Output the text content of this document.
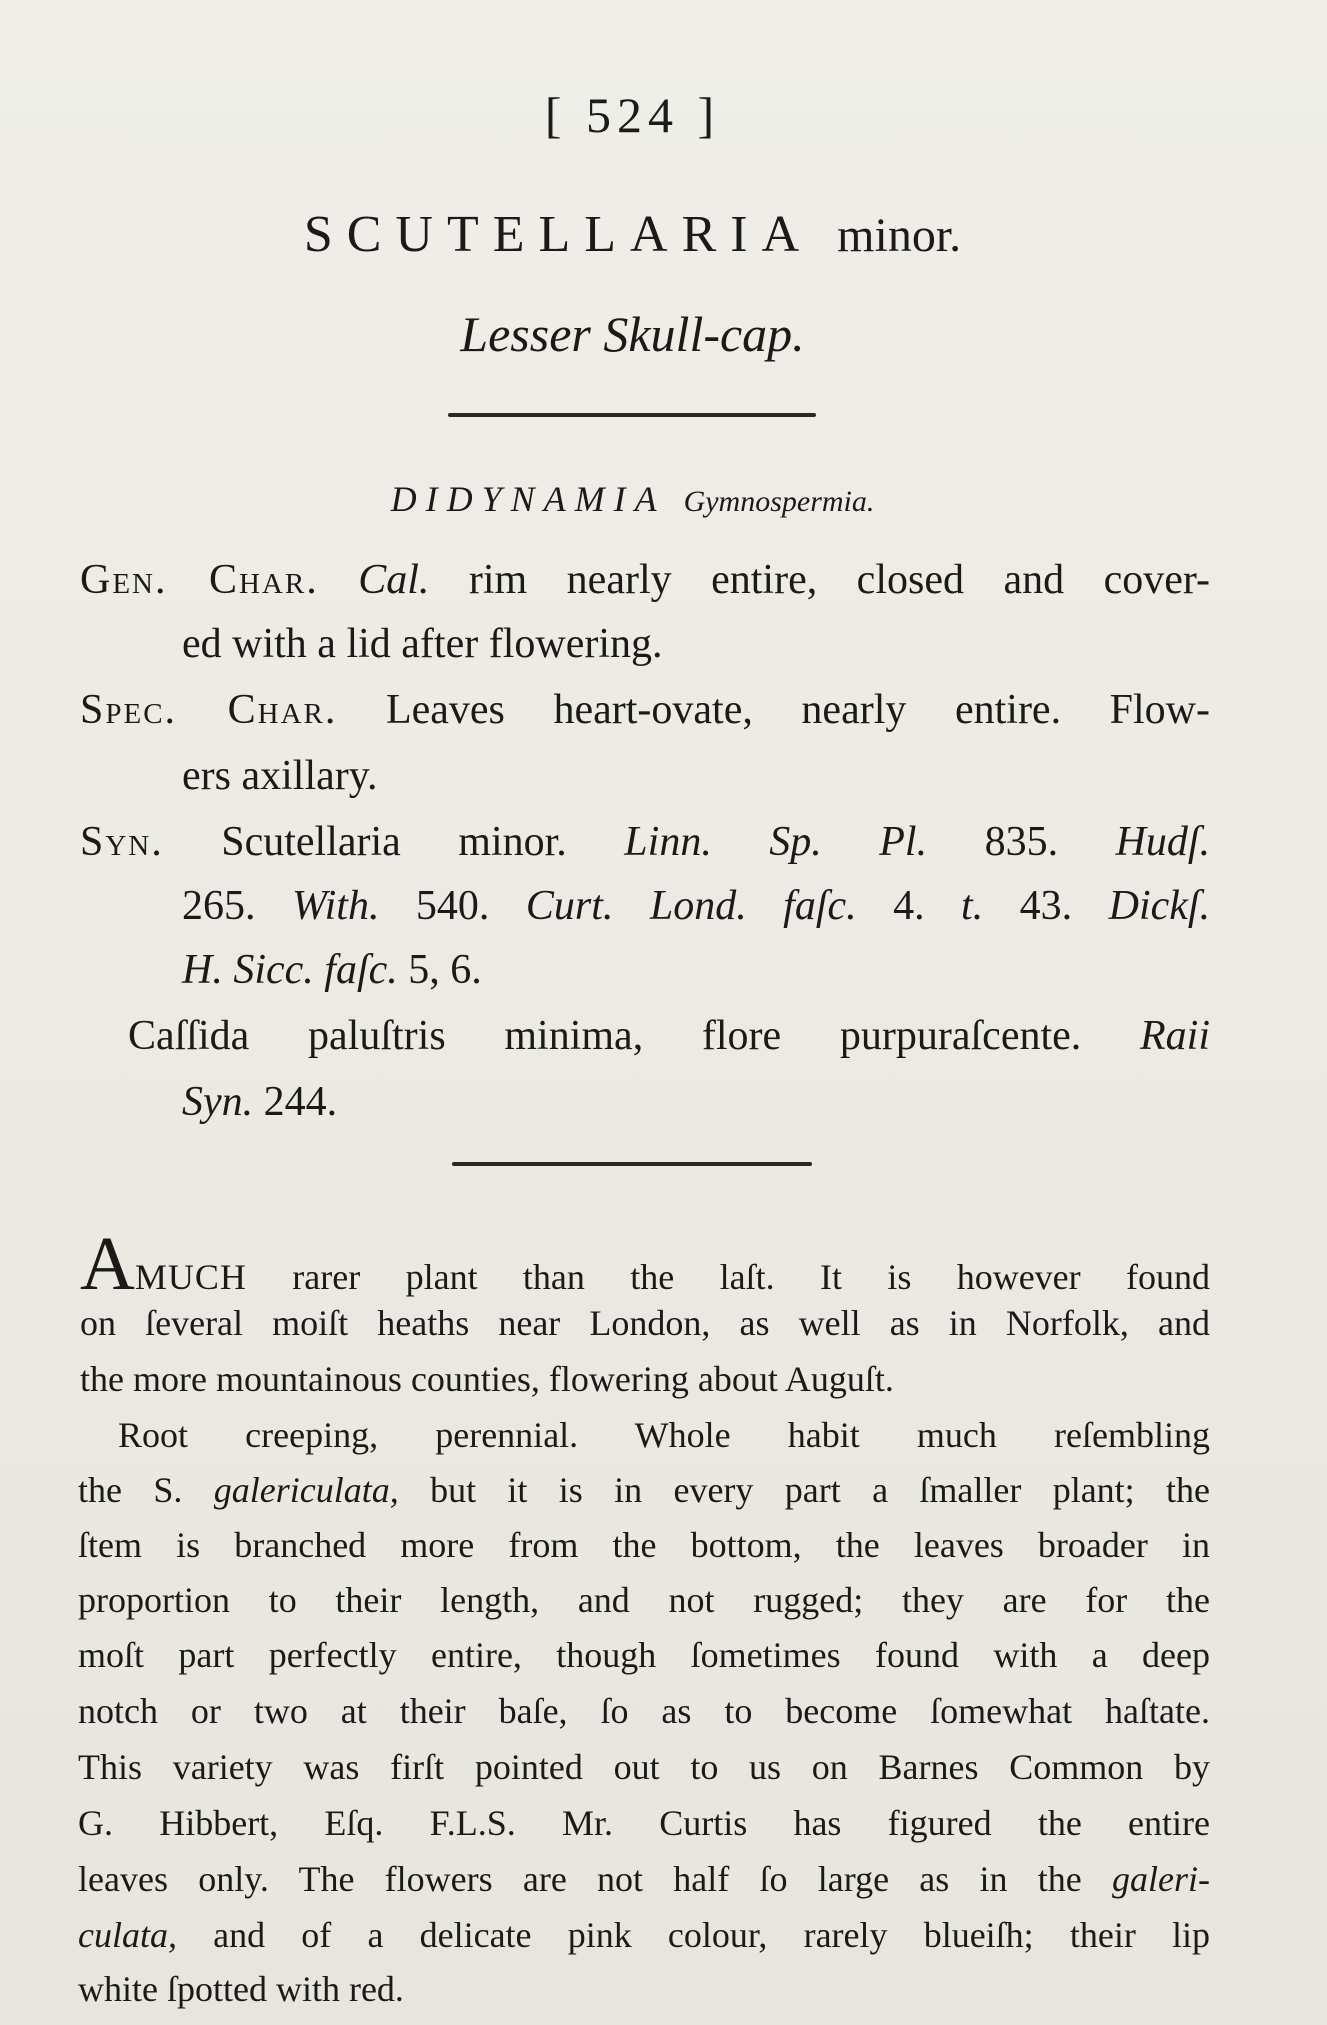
[ 524 ]
SCUTELLARIA minor.
Lesser Skull-cap.
DIDYNAMIA Gymnospermia.
Gen. Char. Cal. rim nearly entire, closed and cover-
ed with a lid after flowering.
Spec. Char. Leaves heart-ovate, nearly entire. Flow-
ers axillary.
Syn. Scutellaria minor. Linn. Sp. Pl. 835. Hudſ.
265. With. 540. Curt. Lond. faſc. 4. t. 43. Dickſ.
H. Sicc. faſc. 5, 6.
Caſſida paluſtris minima, flore purpuraſcente. Raii
Syn. 244.
AMUCH rarer plant than the laſt. It is however found
on ſeveral moiſt heaths near London, as well as in Norfolk, and
the more mountainous counties, flowering about Auguſt.
Root creeping, perennial. Whole habit much reſembling
the S. galericulata, but it is in every part a ſmaller plant; the
ſtem is branched more from the bottom, the leaves broader in
proportion to their length, and not rugged; they are for the
moſt part perfectly entire, though ſometimes found with a deep
notch or two at their baſe, ſo as to become ſomewhat haſtate.
This variety was firſt pointed out to us on Barnes Common by
G. Hibbert, Eſq. F.L.S. Mr. Curtis has figured the entire
leaves only. The flowers are not half ſo large as in the galeri-
culata, and of a delicate pink colour, rarely blueiſh; their lip
white ſpotted with red.
